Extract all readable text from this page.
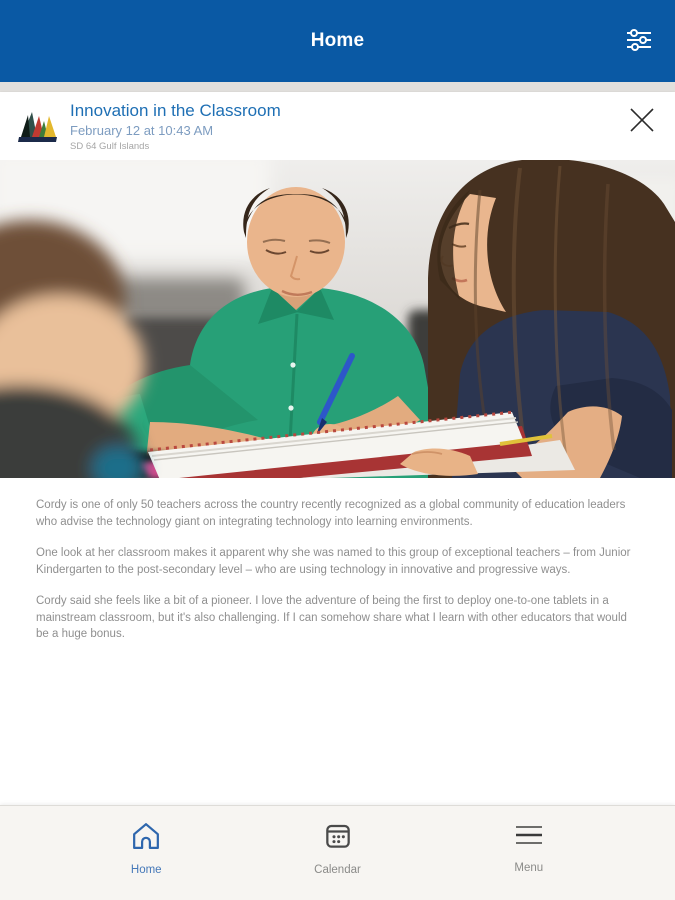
Home
Innovation in the Classroom
February 12 at 10:43 AM
SD 64 Gulf Islands

Cordy is one of only 50 teachers across the country recently recognized as a global community of education leaders who advise the technology giant on integrating technology into learning environments.

One look at her classroom makes it apparent why she was named to this group of exceptional teachers – from Junior Kindergarten to the post-secondary level – who are using technology in innovative and progressive ways.

Cordy said she feels like a bit of a pioneer. I love the adventure of being the first to deploy one-to-one tablets in a mainstream classroom, but it's also challenging. If I can somehow share what I learn with other educators that would be a huge bonus.

Home	Calendar	Menu
